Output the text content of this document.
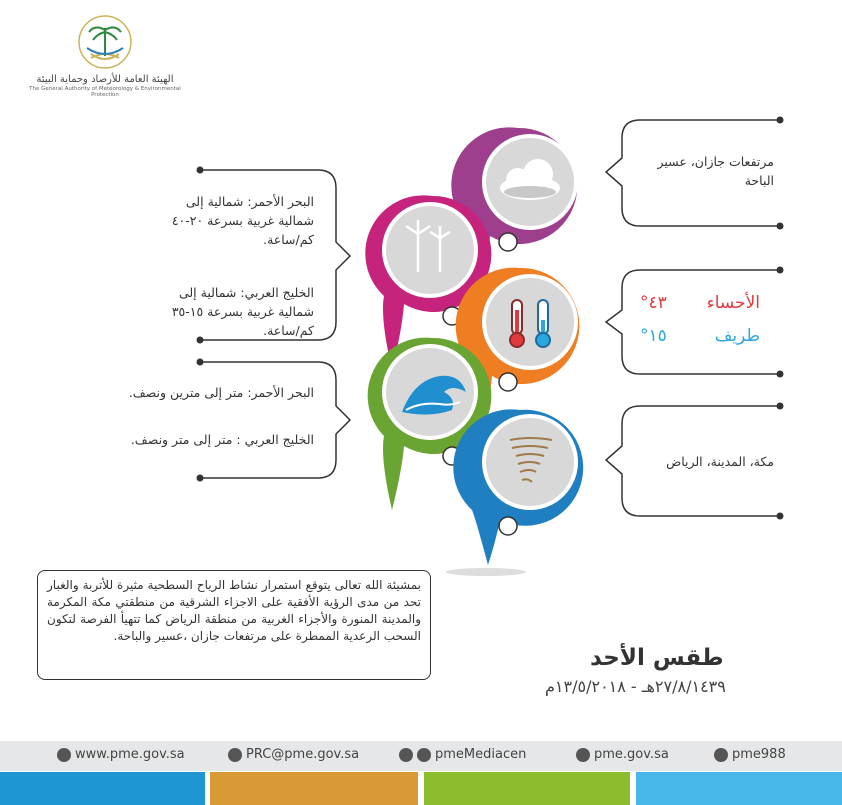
الهيئة العامة للأرصاد وحماية البيئة
The General Authority of Meteorology & Environmental Protection
مرتفعات جازان، عسير الباحة
الأحساء
٤٣°
طريف
١٥°
مكة، المدينة، الرياض
البحر الأحمر: شمالية إلى شمالية غربية بسرعة ٢٠-٤٠ كم/ساعة.
الخليج العربي: شمالية إلى شمالية غربية بسرعة ١٥-٣٥ كم/ساعة.
البحر الأحمر: متر إلى مترين ونصف.
الخليج العربي : متر إلى متر ونصف.
بمشيئة الله تعالى يتوقع استمرار نشاط الرياح السطحية مثيرة للأتربة والغبار تحد من مدى الرؤية الأفقية على الاجزاء الشرقية من منطقتي مكة المكرمة والمدينة المنورة والأجزاء الغربية من منطقة الرياض كما تتهيأ الفرصة لتكون السحب الرعدية الممطرة على مرتفعات جازان ،عسير والباحة.
طقس الأحد
٢٧/٨/١٤٣٩هـ - ١٣/٥/٢٠١٨م
www.pme.gov.sa	PRC@pme.gov.sa	pmeMediacen	pme.gov.sa	pme988
